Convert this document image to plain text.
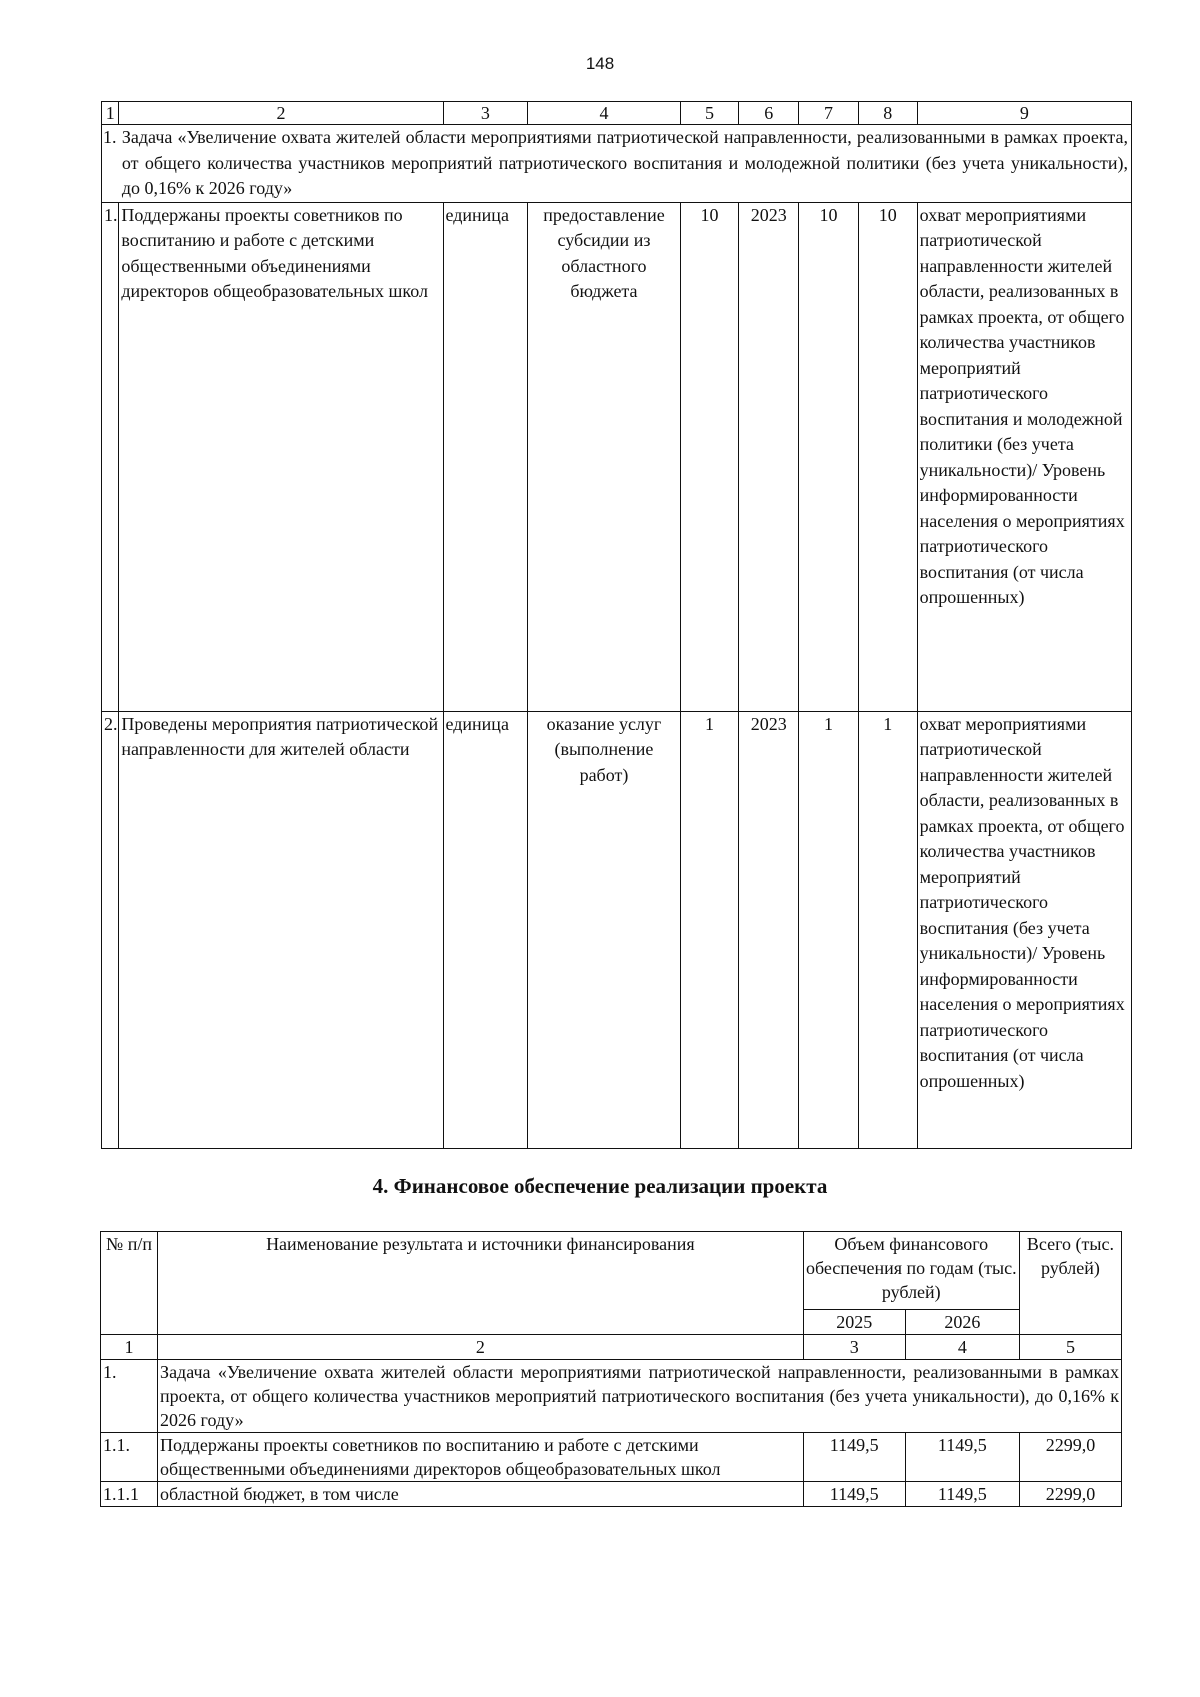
148
1	2	3	4	5	6	7	8	9
1.	Задача «Увеличение охвата жителей области мероприятиями патриотической направленности, реализованными в рамках проекта, от общего количества участников мероприятий патриотического воспитания и молодежной политики (без учета уникальности), до 0,16% к 2026 году»							
1.	Поддержаны проекты советников по воспитанию и работе с детскими общественными объединениями директоров общеобразовательных школ	единица	предоставление субсидии из областного бюджета	10	2023	10	10	охват мероприятиями патриотической направленности жителей области, реализованных в рамках проекта, от общего количества участников мероприятий патриотического воспитания и молодежной политики (без учета уникальности)/ Уровень информированности населения о мероприятиях патриотического воспитания (от числа опрошенных)
2.	Проведены мероприятия патриотической направленности для жителей области	единица	оказание услуг (выполнение работ)	1	2023	1	1	охват мероприятиями патриотической направленности жителей области, реализованных в рамках проекта, от общего количества участников мероприятий патриотического воспитания (без учета уникальности)/ Уровень информированности населения о мероприятиях патриотического воспитания (от числа опрошенных)
4. Финансовое обеспечение реализации проекта
№ п/п	Наименование результата и источники финансирования	Объем финансового обеспечения по годам (тыс. рублей)		Всего (тыс. рублей)
		2025	2026	
1	2	3	4	5
1.	Задача «Увеличение охвата жителей области мероприятиями патриотической направленности, реализованными в рамках проекта, от общего количества участников мероприятий патриотического воспитания (без учета уникальности), до 0,16% к 2026 году»			
1.1.	Поддержаны проекты советников по воспитанию и работе с детскими общественными объединениями директоров общеобразовательных школ	1149,5	1149,5	2299,0
1.1.1	областной бюджет, в том числе	1149,5	1149,5	2299,0
